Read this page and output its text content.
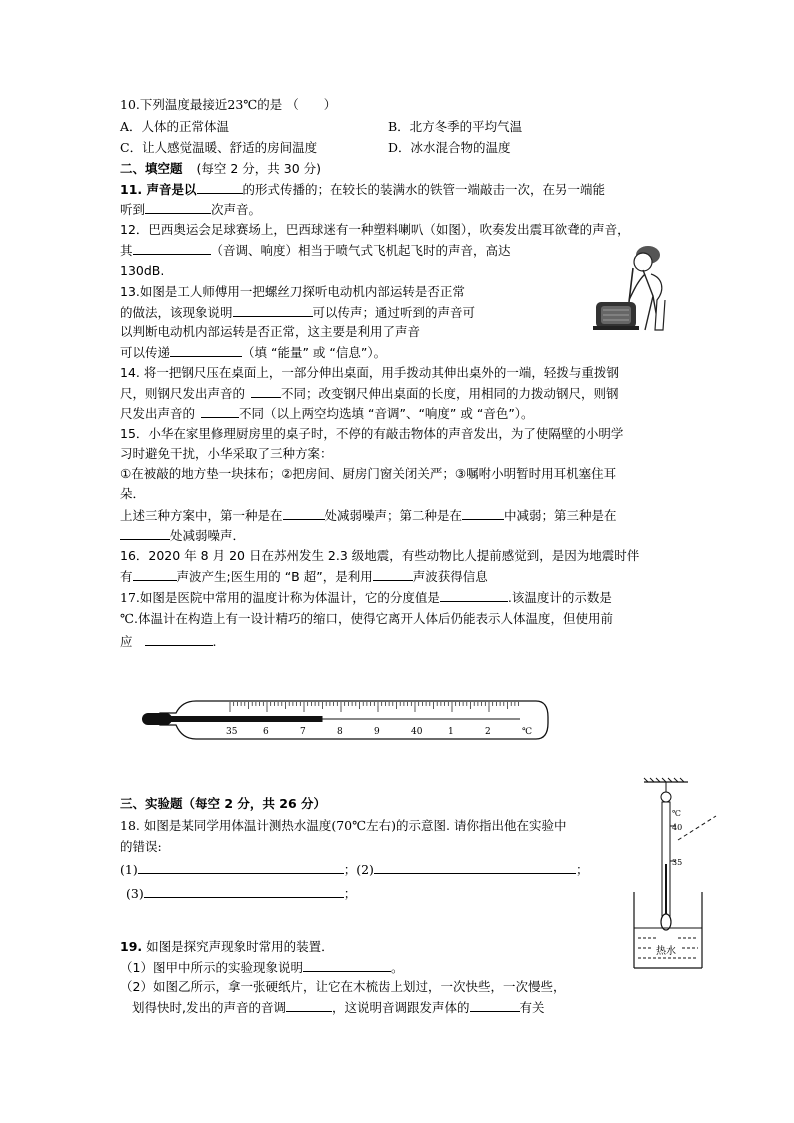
10.下列温度最接近23℃的是 （　　）
A．人体的正常体温	B．北方冬季的平均气温
C．让人感觉温暖、舒适的房间温度	D．冰水混合物的温度
二、填空题 (每空 2 分，共 30 分)
11. 声音是以	的形式传播的；在较长的装满水的铁管一端敲击一次，在另一端能
听到	次声音。
12．巴西奥运会足球赛场上，巴西球迷有一种塑料喇叭（如图），吹奏发出震耳欲聋的声音，
其	（音调、响度）相当于喷气式飞机起飞时的声音，高达
130dB.
13.如图是工人师傅用一把螺丝刀探听电动机内部运转是否正常
的做法，该现象说明	可以传声；通过听到的声音可
以判断电动机内部运转是否正常，这主要是利用了声音
可以传递	（填 “能量” 或 “信息”）。
14. 将一把钢尺压在桌面上，一部分伸出桌面，用手拨动其伸出桌外的一端，轻拨与重拨钢
尺，则钢尺发出声音的	不同；改变钢尺伸出桌面的长度，用相同的力拨动钢尺，则钢
尺发出声音的	不同（以上两空均选填 “音调”、“响度” 或 “音色”）。
15．小华在家里修理厨房里的桌子时，不停的有敲击物体的声音发出，为了使隔壁的小明学
习时避免干扰，小华采取了三种方案：
①在被敲的地方垫一块抹布；②把房间、厨房门窗关闭关严；③嘱咐小明暂时用耳机塞住耳
朵．
上述三种方案中，第一种是在	处减弱噪声；第二种是在	中减弱；第三种是在
处减弱噪声．
16．2020 年 8 月 20 日在苏州发生 2.3 级地震，有些动物比人提前感觉到，是因为地震时伴
有	声波产生;医生用的 “B 超”，是利用	声波获得信息
17.如图是医院中常用的温度计称为体温计，它的分度值是	.该温度计的示数是
℃.体温计在构造上有一设计精巧的缩口，使得它离开人体后仍能表示人体温度，但使用前
应	.
35	6	7	8	9	40	1	2	℃
三、实验题（每空 2 分，共 26 分）
18. 如图是某同学用体温计测热水温度(70℃左右)的示意图. 请你指出他在实验中
的错误:
(1)	；(2)	；
(3)	；
℃
40
35
热水
19. 如图是探究声现象时常用的装置．
（1）图甲中所示的实验现象说明	。
（2）如图乙所示，拿一张硬纸片，让它在木梳齿上划过，一次快些，一次慢些，
划得快时,发出的声音的音调	，这说明音调跟发声体的	有关
